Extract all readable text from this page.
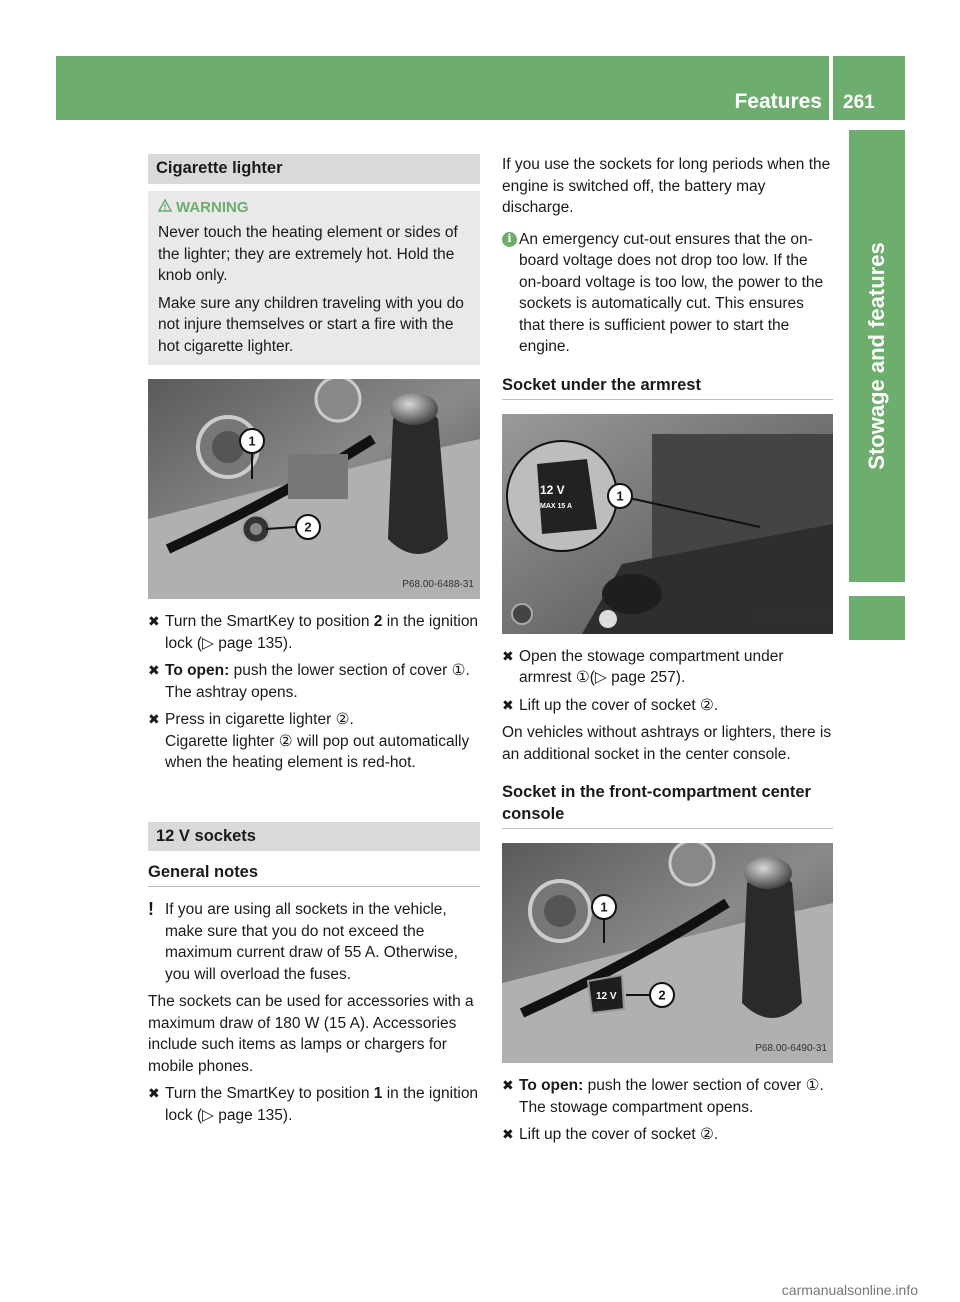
Features 261
Stowage and features
Cigarette lighter
WARNING

Never touch the heating element or sides of the lighter; they are extremely hot. Hold the knob only.

Make sure any children traveling with you do not injure themselves or start a fire with the hot cigarette lighter.

1
2
P68.00-6488-31
✖ Turn the SmartKey to position 2 in the ignition lock (▷ page 135).
✖ To open: push the lower section of cover ①.
The ashtray opens.
✖ Press in cigarette lighter ②.
Cigarette lighter ② will pop out automatically when the heating element is red-hot.
12 V sockets
General notes
! If you are using all sockets in the vehicle, make sure that you do not exceed the maximum current draw of 55 A. Otherwise, you will overload the fuses.

The sockets can be used for accessories with a maximum draw of 180 W (15 A). Accessories include such items as lamps or chargers for mobile phones.

✖ Turn the SmartKey to position 1 in the ignition lock (▷ page 135).

If you use the sockets for long periods when the engine is switched off, the battery may discharge.

i An emergency cut-out ensures that the on-board voltage does not drop too low. If the on-board voltage is too low, the power to the sockets is automatically cut. This ensures that there is sufficient power to start the engine.
Socket under the armrest
12 V
MAX 15 A
1
P68.00-6489-31
✖ Open the stowage compartment under armrest ①(▷ page 257).
✖ Lift up the cover of socket ②.

On vehicles without ashtrays or lighters, there is an additional socket in the center console.

Socket in the front-compartment center console
12 V
1
2
P68.00-6490-31
✖ To open: push the lower section of cover ①.
The stowage compartment opens.
✖ Lift up the cover of socket ②.
carmanualsonline.info
